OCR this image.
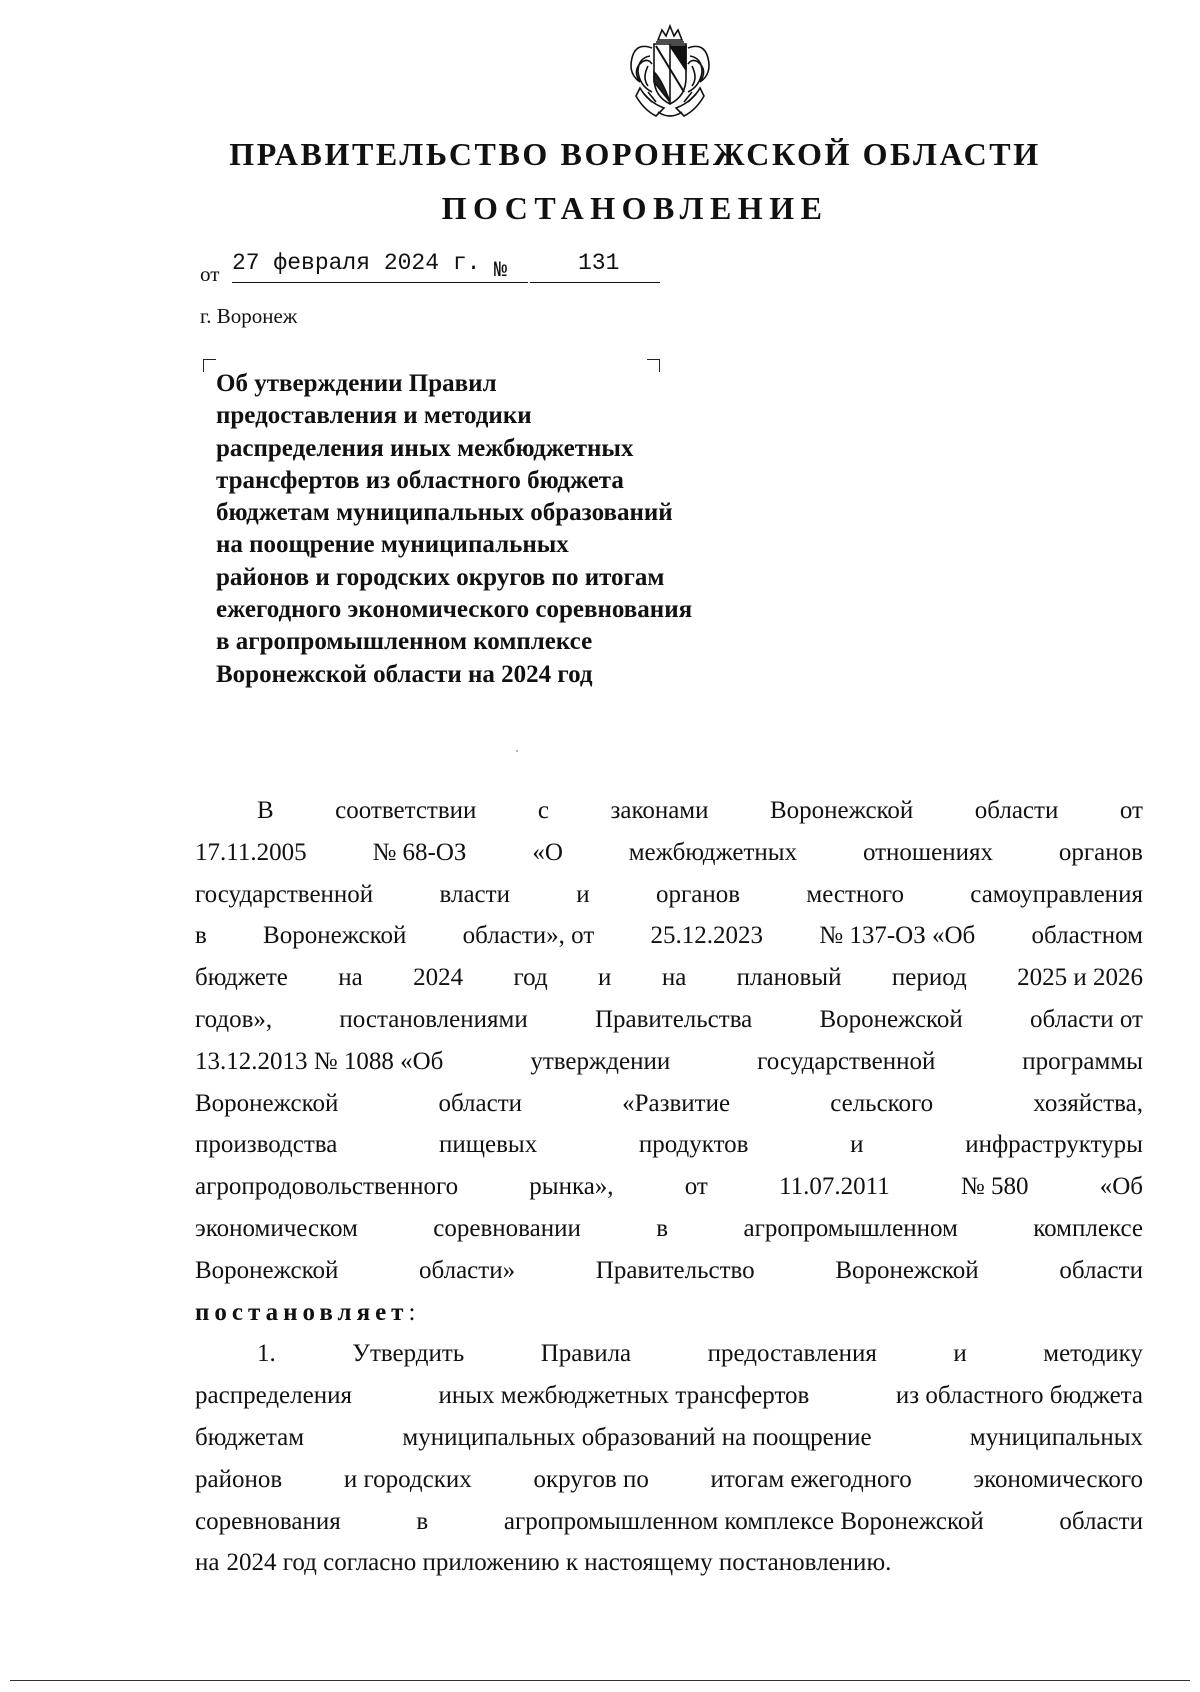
ПРАВИТЕЛЬСТВО ВОРОНЕЖСКОЙ ОБЛАСТИ
ПОСТАНОВЛЕНИЕ
от 27 февраля 2024 г. №	131
г. Воронеж
Об утверждении Правил
предоставления и методики
распределения иных межбюджетных
трансфертов из областного бюджета
бюджетам муниципальных образований
на поощрение муниципальных
районов и городских округов по итогам
ежегодного экономического соревнования
в агропромышленном комплексе
Воронежской области на 2024 год
В соответствии с законами Воронежской области от
17.11.2005	№ 68-ОЗ	«О	межбюджетных	отношениях	органов
государственной	власти	и	органов	местного	самоуправления
в Воронежской области», от 25.12.2023 № 137-ОЗ «Об областном
бюджете на 2024 год и на плановый период 2025 и 2026
годов»,	постановлениями	Правительства	Воронежской	области от
13.12.2013 № 1088 «Об	утверждении	государственной	программы
Воронежской	области	«Развитие	сельского	хозяйства,
производства	пищевых	продуктов	и	инфраструктуры
агропродовольственного	рынка»,	от	11.07.2011	№ 580	«Об
экономическом	соревновании	в	агропромышленном	комплексе
Воронежской	области»	Правительство	Воронежской	области
постановляет :
1.	Утвердить	Правила	предоставления	и	методику
распределения	иных межбюджетных трансфертов	из областного бюджета
бюджетам	муниципальных образований на поощрение	муниципальных
районов и городских округов по итогам ежегодного экономического
соревнования	в	агропромышленном комплексе Воронежской	области
на 2024 год согласно приложению к настоящему постановлению.
